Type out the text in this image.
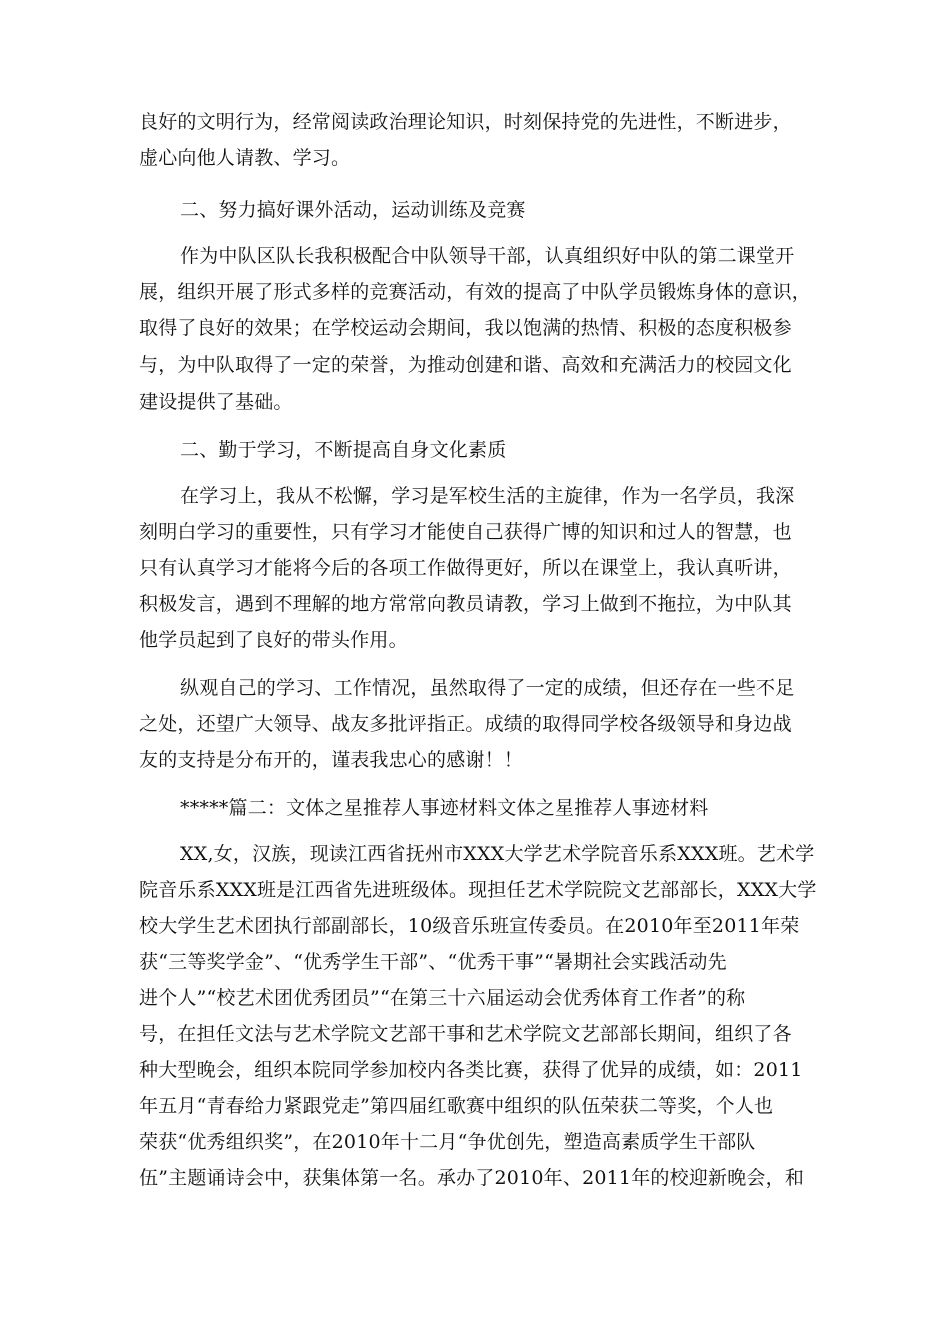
良好的文明行为，经常阅读政治理论知识，时刻保持党的先进性，不断进步，
虚心向他人请教、学习。
二、努力搞好课外活动，运动训练及竞赛
作为中队区队长我积极配合中队领导干部，认真组织好中队的第二课堂开
展，组织开展了形式多样的竞赛活动，有效的提高了中队学员锻炼身体的意识，
取得了良好的效果；在学校运动会期间，我以饱满的热情、积极的态度积极参
与，为中队取得了一定的荣誉，为推动创建和谐、高效和充满活力的校园文化
建设提供了基础。
二、勤于学习，不断提高自身文化素质
在学习上，我从不松懈，学习是军校生活的主旋律，作为一名学员，我深
刻明白学习的重要性，只有学习才能使自己获得广博的知识和过人的智慧，也
只有认真学习才能将今后的各项工作做得更好，所以在课堂上，我认真听讲，
积极发言，遇到不理解的地方常常向教员请教，学习上做到不拖拉，为中队其
他学员起到了良好的带头作用。
纵观自己的学习、工作情况，虽然取得了一定的成绩，但还存在一些不足
之处，还望广大领导、战友多批评指正。成绩的取得同学校各级领导和身边战
友的支持是分布开的，谨表我忠心的感谢！！
*****篇二：文体之星推荐人事迹材料文体之星推荐人事迹材料
XX,女，汉族，现读江西省抚州市XXX大学艺术学院音乐系XXX班。艺术学
院音乐系XXX班是江西省先进班级体。现担任艺术学院院文艺部部长，XXX大学
校大学生艺术团执行部副部长，10级音乐班宣传委员。在2010年至2011年荣
获“三等奖学金”、“优秀学生干部”、“优秀干事”“暑期社会实践活动先
进个人”“校艺术团优秀团员”“在第三十六届运动会优秀体育工作者”的称
号，在担任文法与艺术学院文艺部干事和艺术学院文艺部部长期间，组织了各
种大型晚会，组织本院同学参加校内各类比赛，获得了优异的成绩，如：2011
年五月“青春给力紧跟党走”第四届红歌赛中组织的队伍荣获二等奖，个人也
荣获“优秀组织奖”，在2010年十二月“争优创先，塑造高素质学生干部队
伍”主题诵诗会中，获集体第一名。承办了2010年、2011年的校迎新晚会，和
